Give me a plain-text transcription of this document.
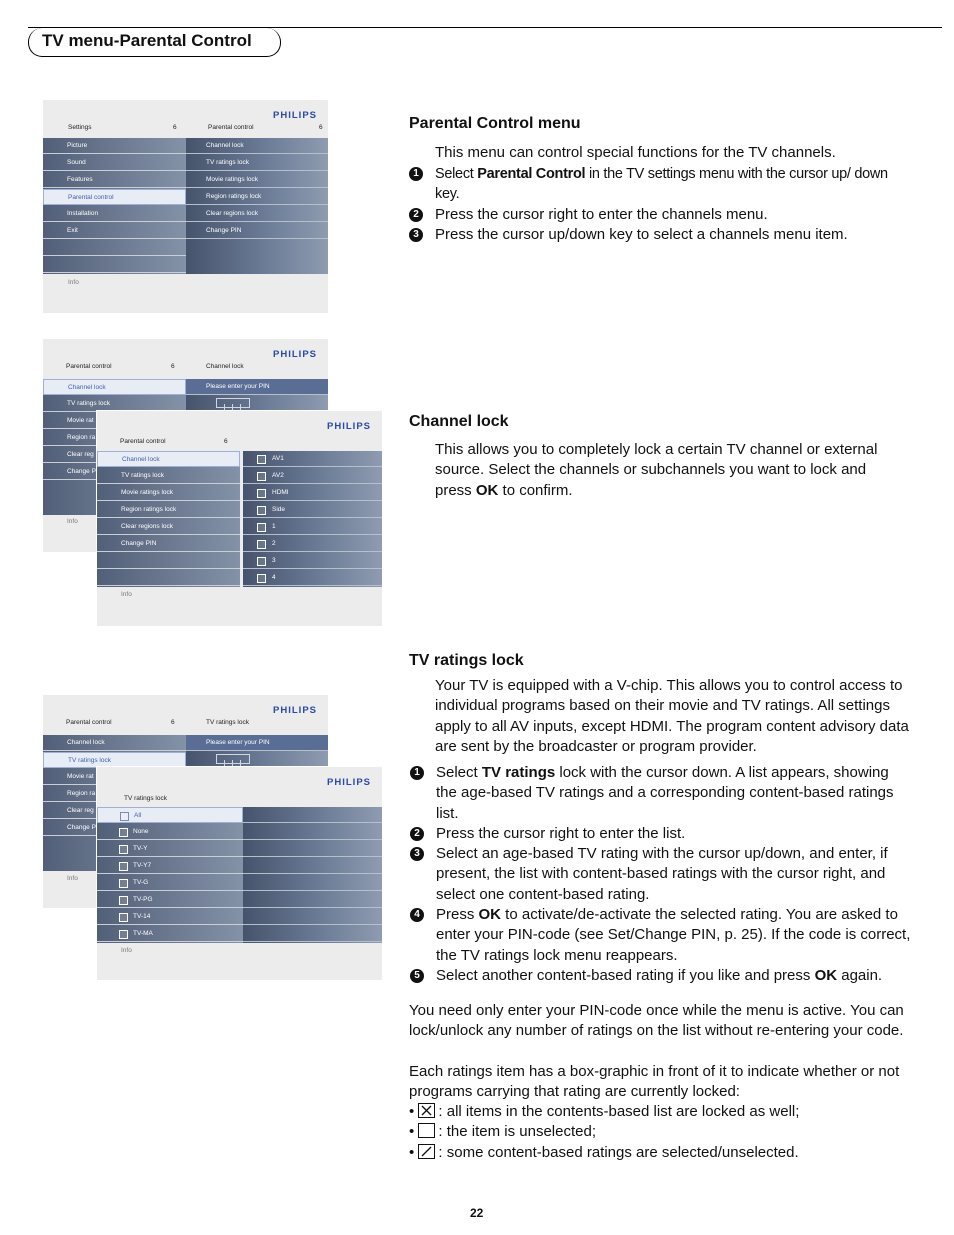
TV menu-Parental Control
PHILIPS
Settings	6	Parental control	6
Picture
Sound
Features
Parental control
Installation
Exit
Channel lock
TV ratings lock
Movie ratings lock
Region ratings lock
Clear regions lock
Change PIN
Info
PHILIPS
Parental control	6	Channel lock
Channel lock
TV ratings lock
Movie rat
Region ra
Clear reg
Change P
Please enter your PIN
Info
PHILIPS
Parental control	6
Channel lock
TV ratings lock
Movie ratings lock
Region ratings lock
Clear regions lock
Change PIN
AV1
AV2
HDMI
Side
1
2
3
4
Info
PHILIPS
Parental control	6	TV ratings lock
Channel lock
TV ratings lock
Movie rat
Region ra
Clear reg
Change P
Please enter your PIN
Info
PHILIPS
TV ratings lock
All
None
TV-Y
TV-Y7
TV-G
TV-PG
TV-14
TV-MA
Info
Parental Control menu
This menu can control special functions for the TV channels.
1 Select Parental Control in the TV settings menu with the cursor up/ down key.
2 Press the cursor right to enter the channels menu.
3 Press the cursor up/down key to select a channels menu item.
Channel lock
This allows you to completely lock a certain TV channel or external source. Select the channels or subchannels you want to lock and press OK to confirm.
TV ratings lock
Your TV is equipped with a V-chip. This allows you to control access to individual programs based on their movie and TV ratings. All settings apply to all AV inputs, except HDMI. The program content advisory data are sent by the broadcaster or program provider.
1 Select TV ratings lock with the cursor down. A list appears, showing the age-based TV ratings and a corresponding content-based ratings list.
2 Press the cursor right to enter the list.
3 Select an age-based TV rating with the cursor up/down, and enter, if present, the list with content-based ratings with the cursor right, and select one content-based rating.
4 Press OK to activate/de-activate the selected rating. You are asked to enter your PIN-code (see Set/Change PIN, p. 25). If the code is correct, the TV ratings lock menu reappears.
5 Select another content-based rating if you like and press OK again.
You need only enter your PIN-code once while the menu is active. You can lock/unlock any number of ratings on the list without re-entering your code.
Each ratings item has a box-graphic in front of it to indicate whether or not programs carrying that rating are currently locked:
•
: all items in the contents-based list are locked as well;
• : the item is unselected;
•
: some content-based ratings are selected/unselected.
22
